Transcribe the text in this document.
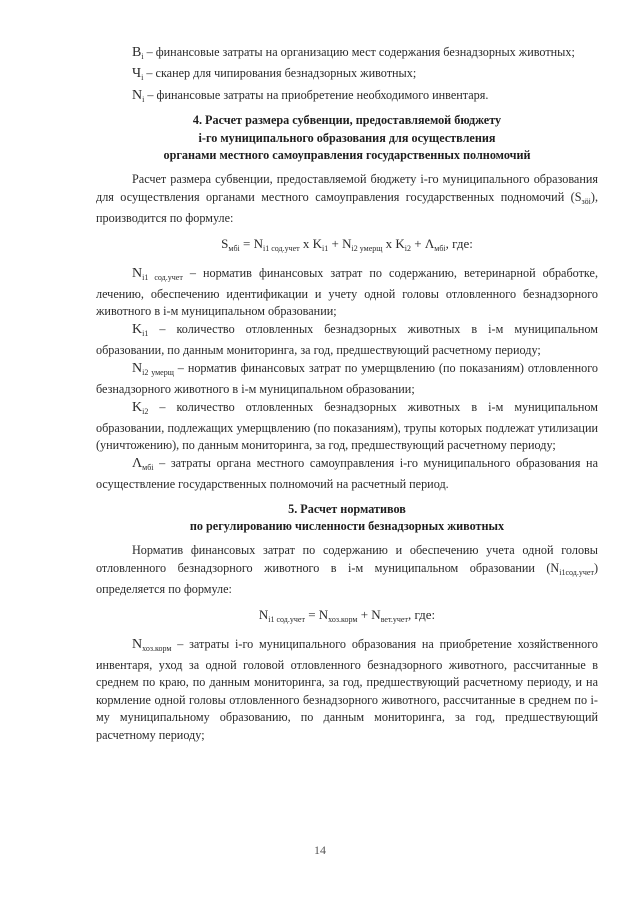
$В_i$ – финансовые затраты на организацию мест содержания безнадзорных животных;

$Ч_i$ – сканер для чипирования безнадзорных животных;

$N_i$ – финансовые затраты на приобретение необходимого инвентаря.

4. Расчет размера субвенции, предоставляемой бюджету
i-го муниципального образования для осуществления
органами местного самоуправления государственных полномочий

Расчет размера субвенции, предоставляемой бюджету i-го муниципального образования для осуществления органами местного самоуправления государственных подномочий $(S_{зöi})$, производится по формуле:

$S_{мбi} = N_{i1 сод.учет}$ х $K_{i1} + N_{i2 умерщ}$ х $K_{i2} + \Lambda_{мбi}$, где:

$N_{i1 сод.учет}$ – норматив финансовых затрат по содержанию, ветеринарной обработке, лечению, обеспечению идентификации и учету одной головы отловленного безнадзорного животного в i-м муниципальном образовании;

$K_{i1}$ – количество отловленных безнадзорных животных в i-м муниципальном образовании, по данным мониторинга, за год, предшествующий расчетному периоду;

$N_{i2 умерщ}$ – норматив финансовых затрат по умерщвлению (по показаниям) отловленного безнадзорного животного в i-м муниципальном образовании;

$K_{i2}$ – количество отловленных безнадзорных животных в i-м муниципальном образовании, подлежащих умерщвлению (по показаниям), трупы которых подлежат утилизации (уничтожению), по данным мониторинга, за год, предшествующий расчетному периоду;

$\Lambda_{мбi}$ – затраты органа местного самоуправления i-го муниципального образования на осуществление государственных полномочий на расчетный период.

5. Расчет нормативов
по регулированию численности безнадзорных животных

Норматив финансовых затрат по содержанию и обеспечению учета одной головы отловленного безнадзорного животного в i-м муниципальном образовании $(N_{i1сод.учет})$ определяется по формуле:

$N_{i1 сод.учет} = N_{хоз.корм} + N_{вет.учет}$, где:

$N_{хоз.корм}$ – затраты i-го муниципального образования на приобретение хозяйственного инвентаря, уход за одной головой отловленного безнадзорного животного, рассчитанные в среднем по краю, по данным мониторинга, за год, предшествующий расчетному периоду, и на кормление одной головы отловленного безнадзорного животного, рассчитанные в среднем по i-му муниципальному образованию, по данным мониторинга, за год, предшествующий расчетному периоду;

14
